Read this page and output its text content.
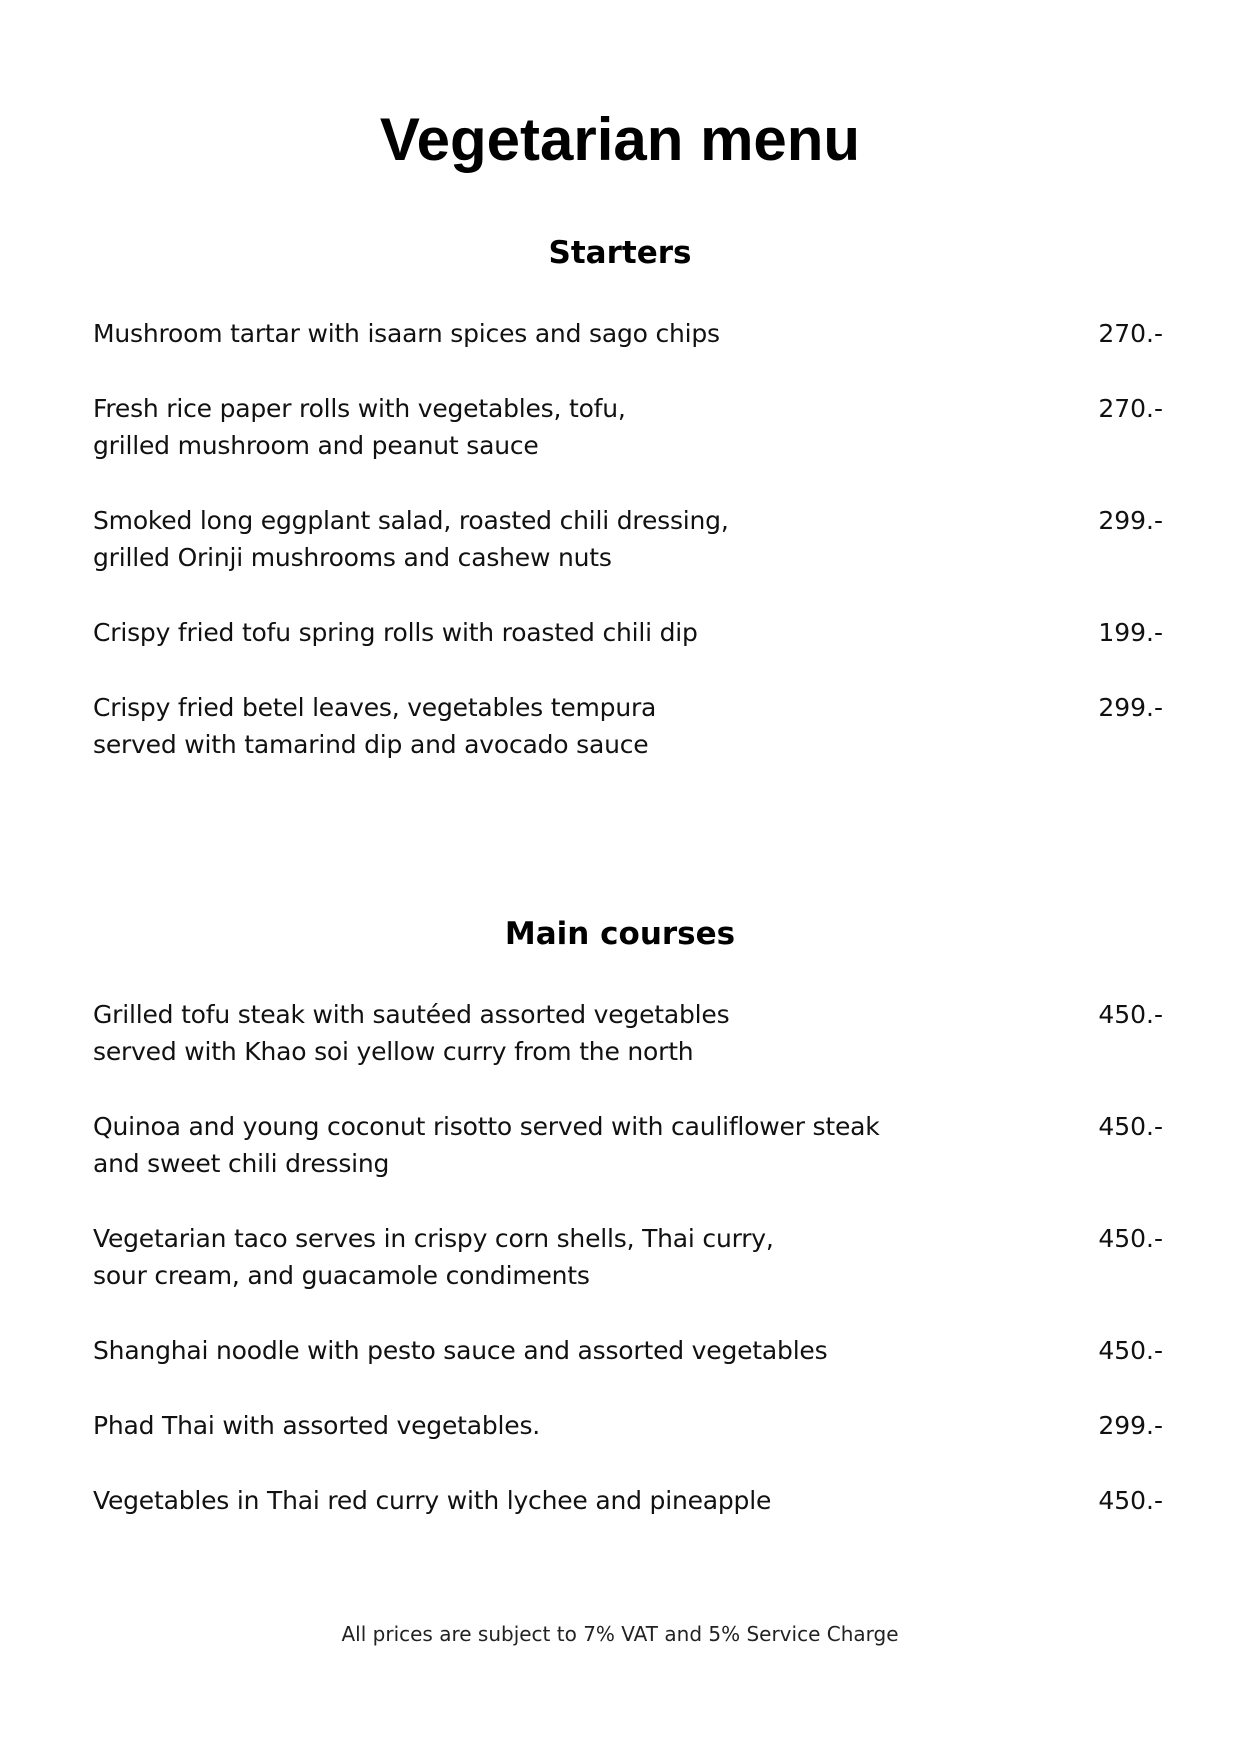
Vegetarian menu
Starters
Mushroom tartar with isaarn spices and sago chips	270.-
Fresh rice paper rolls with vegetables, tofu,
grilled mushroom and peanut sauce
270.-
Smoked long eggplant salad, roasted chili dressing,
grilled Orinji mushrooms and cashew nuts
299.-
Crispy fried tofu spring rolls with roasted chili dip	199.-
Crispy fried betel leaves, vegetables tempura
served with tamarind dip and avocado sauce
299.-
Main courses
Grilled tofu steak with sautéed assorted vegetables
served with Khao soi yellow curry from the north
450.-
Quinoa and young coconut risotto served with cauliflower steak
and sweet chili dressing
450.-
Vegetarian taco serves in crispy corn shells, Thai curry,
sour cream, and guacamole condiments
450.-
Shanghai noodle with pesto sauce and assorted vegetables	450.-
Phad Thai with assorted vegetables.	299.-
Vegetables in Thai red curry with lychee and pineapple	450.-
All prices are subject to 7% VAT and 5% Service Charge
